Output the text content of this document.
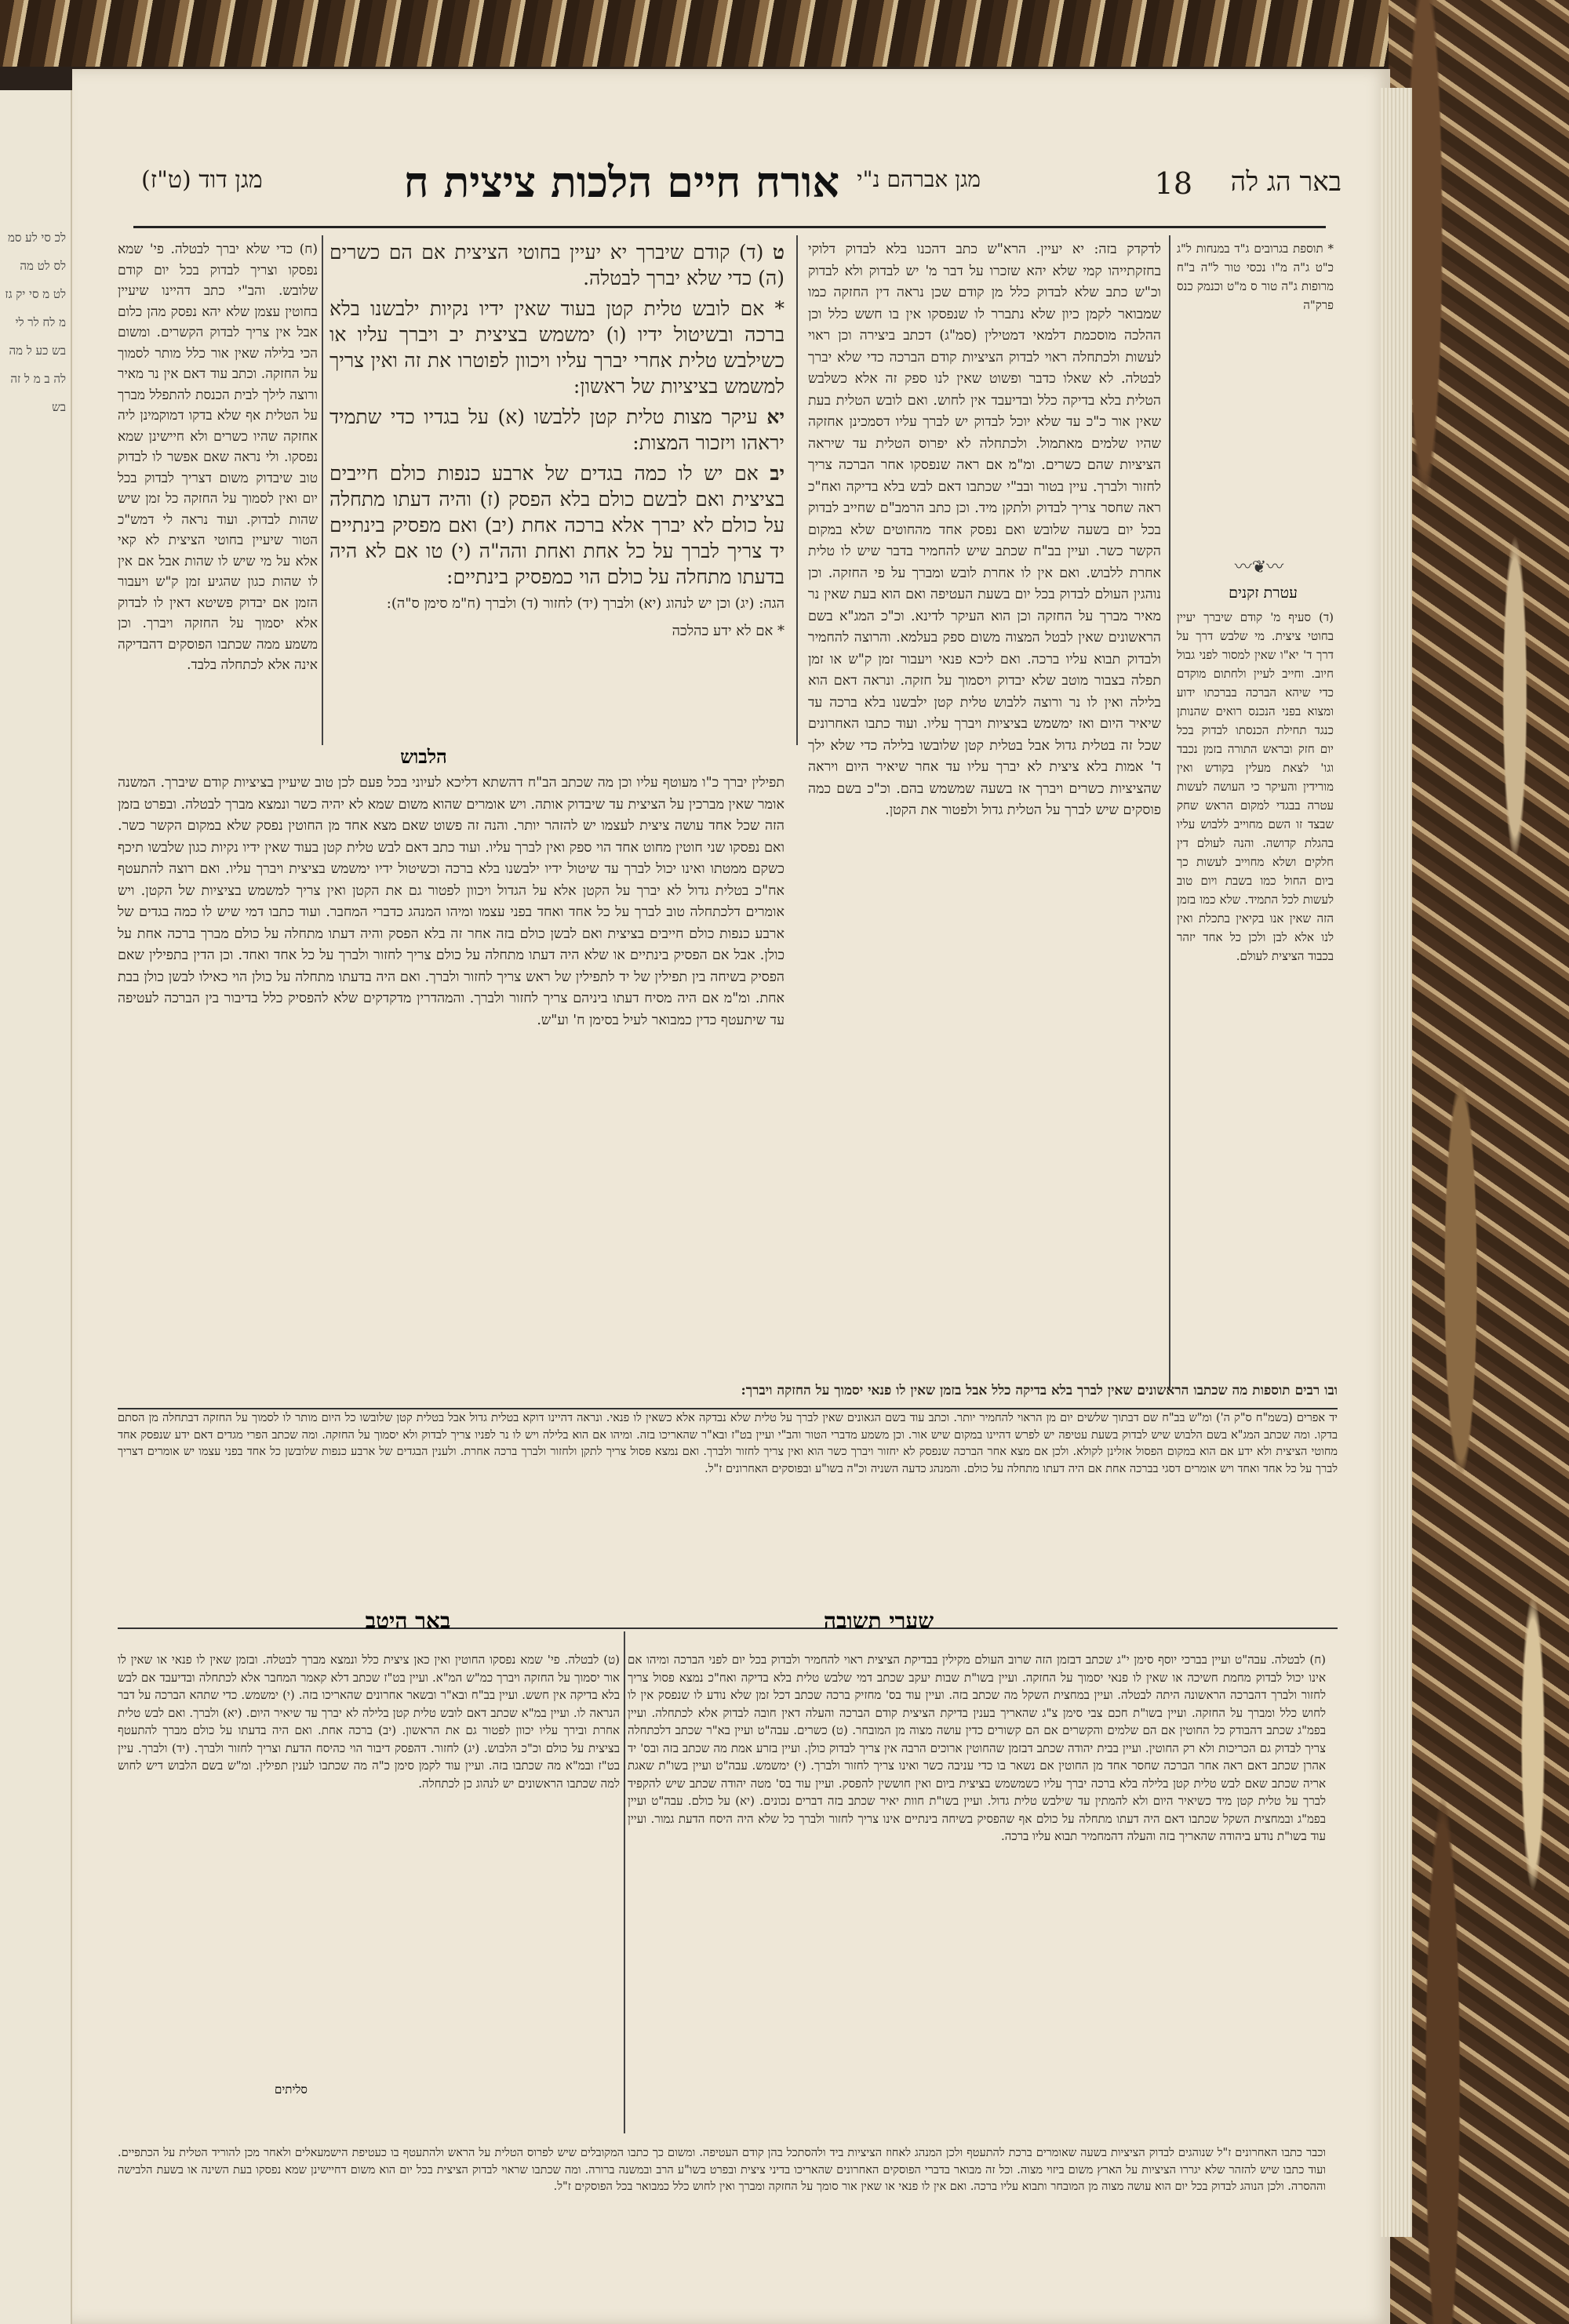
לכ סי לע סמ לס לט מה לט מ סי יק גז מ לח לר לי בש כע ל מה לה ב מ ל זה בש
באר הג לה
18
מגן אברהם נ"י
אורח חיים הלכות ציצית ח
מגן דוד (ט"ז)

* תוספת בגרובים ג"ד במנחות ל"ג כ"ט ג"ה מ"ו נכסי טור ל"ה ב"ח מרופות ג"ה טור ס מ"ט וכנמק כנס פרק"ה

〰❦〰
עטרת זקנים

(ד) סעיף מ' קודם שיברך יעיין בחוטי ציצית. מי שלבש דרך על דרך ד' יא"ו שאין למסור לפני גבול חיוב. וחייב לעיין ולחתום מוקדם כדי שיהא הברכה בברכתו ידוע ומצוא בפני הנכנס רואים שהנותן כנגד תחילת הכנסתו לבדוק בכל יום חזק ובראש התורה בזמן נכבד וגו' לצאת מעלין בקודש ואין מורידין והעיקר כי העושה לעשות עטרה בבגדי למקום הראש שחק שבצד זו השם מחוייב ללבוש עליו בהגלת קדושה. והנה לעולם דין חלקים ושלא מחוייב לעשות כך ביום החול כמו בשבת ויום טוב לעשות לכל התמיד. שלא כמו בזמן הזה שאין אנו בקיאין בתכלת ואין לנו אלא לבן ולכן כל אחד יזהר בכבוד הציצית לעולם.

לדקדק בזה: יא יעיין. הרא"ש כתב דהכנו בלא לבדוק דלוקי בחזקתייהו קמי שלא יהא שזכרו על דבר מ' יש לבדוק ולא לבדוק וכ"ש כתב שלא לבדוק כלל מן קודם שכן נראה דין החזקה כמו שמבואר לקמן כיון שלא נתברר לו שנפסקו אין בו חשש כלל וכן ההלכה מוסכמת דלמאי דמטילין (סמ"ג) דכתב ביצירה וכן ראוי לעשות ולכתחלה ראוי לבדוק הציציות קודם הברכה כדי שלא יברך לבטלה. לא שאלו כדבר ופשוט שאין לנו ספק זה אלא כשלבש הטלית בלא בדיקה כלל ובדיעבד אין לחוש. ואם לובש הטלית בעת שאין אור כ"כ עד שלא יוכל לבדוק יש לברך עליו דסמכינן אחזקה שהיו שלמים מאתמול. ולכתחלה לא יפרוס הטלית עד שיראה הציציות שהם כשרים. ומ"מ אם ראה שנפסקו אחר הברכה צריך לחזור ולברך. עיין בטור ובב"י שכתבו דאם לבש בלא בדיקה ואח"כ ראה שחסר צריך לבדוק ולתקן מיד. וכן כתב הרמב"ם שחייב לבדוק בכל יום בשעה שלובש ואם נפסק אחד מהחוטים שלא במקום הקשר כשר. ועיין בב"ח שכתב שיש להחמיר בדבר שיש לו טלית אחרת ללבוש. ואם אין לו אחרת לובש ומברך על פי החזקה. וכן נוהגין העולם לבדוק בכל יום בשעת העטיפה ואם הוא בעת שאין נר מאיר מברך על החזקה וכן הוא העיקר לדינא. וכ"כ המג"א בשם הראשונים שאין לבטל המצוה משום ספק בעלמא. והרוצה להחמיר ולבדוק תבוא עליו ברכה. ואם ליכא פנאי ויעבור זמן ק"ש או זמן תפלה בצבור מוטב שלא יבדוק ויסמוך על חזקה. ונראה דאם הוא בלילה ואין לו נר ורוצה ללבוש טלית קטן ילבשנו בלא ברכה עד שיאיר היום ואז ימשמש בציציות ויברך עליו. ועוד כתבו האחרונים שכל זה בטלית גדול אבל בטלית קטן שלובשו בלילה כדי שלא ילך ד' אמות בלא ציצית לא יברך עליו עד אחר שיאיר היום ויראה שהציציות כשרים ויברך אז בשעה שמשמש בהם. וכ"כ בשם כמה פוסקים שיש לברך על הטלית גדול ולפטור את הקטן.

ט (ד) קודם שיברך יא יעיין בחוטי הציצית אם הם כשרים (ה) כדי שלא יברך לבטלה.

* אם לובש טלית קטן בעוד שאין ידיו נקיות ילבשנו בלא ברכה ובשיטול ידיו (ו) ימשמש בציצית יב ויברך עליו או כשילבש טלית אחרי יברך עליו ויכוון לפוטרו את זה ואין צריך למשמש בציציות של ראשון:

יא עיקר מצות טלית קטן ללבשו (א) על בגדיו כדי שתמיד יראהו ויזכור המצות:

יב אם יש לו כמה בגדים של ארבע כנפות כולם חייבים בציצית ואם לבשם כולם בלא הפסק (ז) והיה דעתו מתחלה על כולם לא יברך אלא ברכה אחת (יב) ואם מפסיק בינתיים יד צריך לברך על כל אחת ואחת והה"ה (י) טו אם לא היה בדעתו מתחלה על כולם הוי כמפסיק בינתיים:

הגה: (יג) וכן יש לנהוג (יא) ולברך (יד) לחזור (ד) ולברך (ח"מ סימן ס"ה):

* אם לא ידע כהלכה

(ח) כדי שלא יברך לבטלה. פי' שמא נפסקו וצריך לבדוק בכל יום קודם שלובש. והב"י כתב דהיינו שיעיין בחוטין עצמן שלא יהא נפסק מהן כלום אבל אין צריך לבדוק הקשרים. ומשום הכי בלילה שאין אור כלל מותר לסמוך על החזקה. וכתב עוד דאם אין נר מאיר ורוצה לילך לבית הכנסת להתפלל מברך על הטלית אף שלא בדקו דמוקמינן ליה אחזקה שהיו כשרים ולא חיישינן שמא נפסקו. ולי נראה שאם אפשר לו לבדוק טוב שיבדוק משום דצריך לבדוק בכל יום ואין לסמוך על החזקה כל זמן שיש שהות לבדוק. ועוד נראה לי דמש"כ הטור שיעיין בחוטי הציצית לא קאי אלא על מי שיש לו שהות אבל אם אין לו שהות כגון שהגיע זמן ק"ש ויעבור הזמן אם יבדוק פשיטא דאין לו לבדוק אלא יסמוך על החזקה ויברך. וכן משמע ממה שכתבו הפוסקים דהבדיקה אינה אלא לכתחלה בלבד.

הלבוש

תפילין יברך כ"ו מעוטף עליו וכן מה שכתב הב"ח דהשתא דליכא לעיוני בכל פעם לכן טוב שיעיין בציציות קודם שיברך. המשנה אומר שאין מברכין על הציצית עד שיבדוק אותה. ויש אומרים שהוא משום שמא לא יהיה כשר ונמצא מברך לבטלה. ובפרט בזמן הזה שכל אחד עושה ציצית לעצמו יש להזהר יותר. והנה זה פשוט שאם מצא אחד מן החוטין נפסק שלא במקום הקשר כשר. ואם נפסקו שני חוטין מחוט אחד הוי ספק ואין לברך עליו. ועוד כתב דאם לבש טלית קטן בעוד שאין ידיו נקיות כגון שלבשו תיכף כשקם ממטתו ואינו יכול לברך עד שיטול ידיו ילבשנו בלא ברכה וכשיטול ידיו ימשמש בציצית ויברך עליו. ואם רוצה להתעטף אח"כ בטלית גדול לא יברך על הקטן אלא על הגדול ויכוון לפטור גם את הקטן ואין צריך למשמש בציציות של הקטן. ויש אומרים דלכתחלה טוב לברך על כל אחד ואחד בפני עצמו ומיהו המנהג כדברי המחבר. ועוד כתבו דמי שיש לו כמה בגדים של ארבע כנפות כולם חייבים בציצית ואם לבשן כולם בזה אחר זה בלא הפסק והיה דעתו מתחלה על כולם מברך ברכה אחת על כולן. אבל אם הפסיק בינתיים או שלא היה דעתו מתחלה על כולם צריך לחזור ולברך על כל אחד ואחד. וכן הדין בתפילין שאם הפסיק בשיחה בין תפילין של יד לתפילין של ראש צריך לחזור ולברך. ואם היה בדעתו מתחלה על כולן הוי כאילו לבשן כולן בבת אחת. ומ"מ אם היה מסיח דעתו ביניהם צריך לחזור ולברך. והמהדרין מדקדקים שלא להפסיק כלל בדיבור בין הברכה לעטיפה עד שיתעטף כדין כמבואר לעיל בסימן ח' וע"ש.

ובו רבים תוספות מה שכתבו הראשונים שאין לברך בלא בדיקה כלל אבל בזמן שאין לו פנאי יסמוך על החזקה ויברך:

יד אפרים (בשמ"ח ס"ק ה') ומ"ש בב"ח שם דבתוך שלשים יום מן הראוי להחמיר יותר. וכתב עוד בשם הגאונים שאין לברך על טלית שלא נבדקה אלא כשאין לו פנאי. ונראה דהיינו דוקא בטלית גדול אבל בטלית קטן שלובשו כל היום מותר לו לסמוך על החזקה דבתחלה מן הסתם בדקו. ומה שכתב המג"א בשם הלבוש שיש לבדוק בשעת עטיפה יש לפרש דהיינו במקום שיש אור. וכן משמע מדברי הטור והב"י ועיין בט"ז ובא"ר שהאריכו בזה. ומיהו אם הוא בלילה ויש לו נר לפניו צריך לבדוק ולא יסמוך על החזקה. ומה שכתב הפרי מגדים דאם ידע שנפסק אחד מחוטי הציצית ולא ידע אם הוא במקום הפסול אזלינן לקולא. ולכן אם מצא אחר הברכה שנפסק לא יחזור ויברך כשר הוא ואין צריך לחזור ולברך. ואם נמצא פסול צריך לתקן ולחזור ולברך ברכה אחרת. ולענין הבגדים של ארבע כנפות שלובשן כל אחד בפני עצמו יש אומרים דצריך לברך על כל אחד ואחד ויש אומרים דסגי בברכה אחת אם היה דעתו מתחלה על כולם. והמנהג כדעה השניה וכ"ה בשו"ע ובפוסקים האחרונים ז"ל.

שערי תשובה
באר היטב

(ח) לבטלה. עבה"ט ועיין בברכי יוסף סימן י"ג שכתב דבזמן הזה שרוב העולם מקילין בבדיקת הציצית ראוי להחמיר ולבדוק בכל יום לפני הברכה ומיהו אם אינו יכול לבדוק מחמת חשיכה או שאין לו פנאי יסמוך על החזקה. ועיין בשו"ת שבות יעקב שכתב דמי שלבש טלית בלא בדיקה ואח"כ נמצא פסול צריך לחזור ולברך דהברכה הראשונה היתה לבטלה. ועיין במחצית השקל מה שכתב בזה. ועיין עוד בס' מחזיק ברכה שכתב דכל זמן שלא נודע לו שנפסק אין לו לחוש כלל ומברך על החזקה. ועיין בשו"ת חכם צבי סימן צ"ג שהאריך בענין בדיקת הציצית קודם הברכה והעלה דאין חובה לבדוק אלא לכתחלה. ועיין בפמ"ג שכתב דהבודק כל החוטין אם הם שלמים והקשרים אם הם קשורים כדין עושה מצוה מן המובחר. (ט) כשרים. עבה"ט ועיין בא"ר שכתב דלכתחלה צריך לבדוק גם הכריכות ולא רק החוטין. ועיין בבית יהודה שכתב דבזמן שהחוטין ארוכים הרבה אין צריך לבדוק כולן. ועיין בזרע אמת מה שכתב בזה ובס' יד אהרן שכתב דאם ראה אחר הברכה שחסר אחד מן החוטין אם נשאר בו כדי עניבה כשר ואינו צריך לחזור ולברך. (י) ימשמש. עבה"ט ועיין בשו"ת שאגת אריה שכתב שאם לבש טלית קטן בלילה בלא ברכה יברך עליו כשמשמש בציצית ביום ואין חוששין להפסק. ועיין עוד בס' מטה יהודה שכתב שיש להקפיד לברך על טלית קטן מיד כשיאיר היום ולא להמתין עד שילבש טלית גדול. ועיין בשו"ת חוות יאיר שכתב בזה דברים נכונים. (יא) על כולם. עבה"ט ועיין בפמ"ג ובמחצית השקל שכתבו דאם היה דעתו מתחלה על כולם אף שהפסיק בשיחה בינתיים אינו צריך לחזור ולברך כל שלא היה היסח הדעת גמור. ועיין עוד בשו"ת נודע ביהודה שהאריך בזה והעלה דהמחמיר תבוא עליו ברכה.

(ט) לבטלה. פי' שמא נפסקו החוטין ואין כאן ציצית כלל ונמצא מברך לבטלה. ובזמן שאין לו פנאי או שאין לו אור יסמוך על החזקה ויברך כמ"ש המ"א. ועיין בט"ז שכתב דלא קאמר המחבר אלא לכתחלה ובדיעבד אם לבש בלא בדיקה אין חשש. ועיין בב"ח ובא"ר ובשאר אחרונים שהאריכו בזה. (י) ימשמש. כדי שתהא הברכה על דבר הנראה לו. ועיין במ"א שכתב דאם לובש טלית קטן בלילה לא יברך עד שיאיר היום. (יא) ולברך. ואם לבש טלית אחרת ובירך עליו יכוון לפטור גם את הראשון. (יב) ברכה אחת. ואם היה בדעתו על כולם מברך להתעטף בציצית על כולם וכ"כ הלבוש. (יג) לחזור. דהפסק דיבור הוי כהיסח הדעת וצריך לחזור ולברך. (יד) ולברך. עיין בט"ז ובמ"א מה שכתבו בזה. ועיין עוד לקמן סימן כ"ה מה שכתבו לענין תפילין. ומ"ש בשם הלבוש דיש לחוש למה שכתבו הראשונים יש לנהוג כן לכתחלה.

סליתים

וכבר כתבו האחרונים ז"ל שנוהגים לבדוק הציציות בשעה שאומרים ברכת להתעטף ולכן המנהג לאחוז הציציות ביד ולהסתכל בהן קודם העטיפה. ומשום כך כתבו המקובלים שיש לפרוס הטלית על הראש ולהתעטף בו כעטיפת הישמעאלים ולאחר מכן להוריד הטלית על הכתפיים. ועוד כתבו שיש להזהר שלא יגררו הציציות על הארץ משום ביזוי מצוה. וכל זה מבואר בדברי הפוסקים האחרונים שהאריכו בדיני ציצית ובפרט בשו"ע הרב ובמשנה ברורה. ומה שכתבו שראוי לבדוק הציצית בכל יום הוא משום דחיישינן שמא נפסקו בעת השינה או בשעת הלבישה וההסרה. ולכן הנוהג לבדוק בכל יום הוא עושה מצוה מן המובחר ותבוא עליו ברכה. ואם אין לו פנאי או שאין אור סומך על החזקה ומברך ואין לחוש כלל כמבואר בכל הפוסקים ז"ל.
